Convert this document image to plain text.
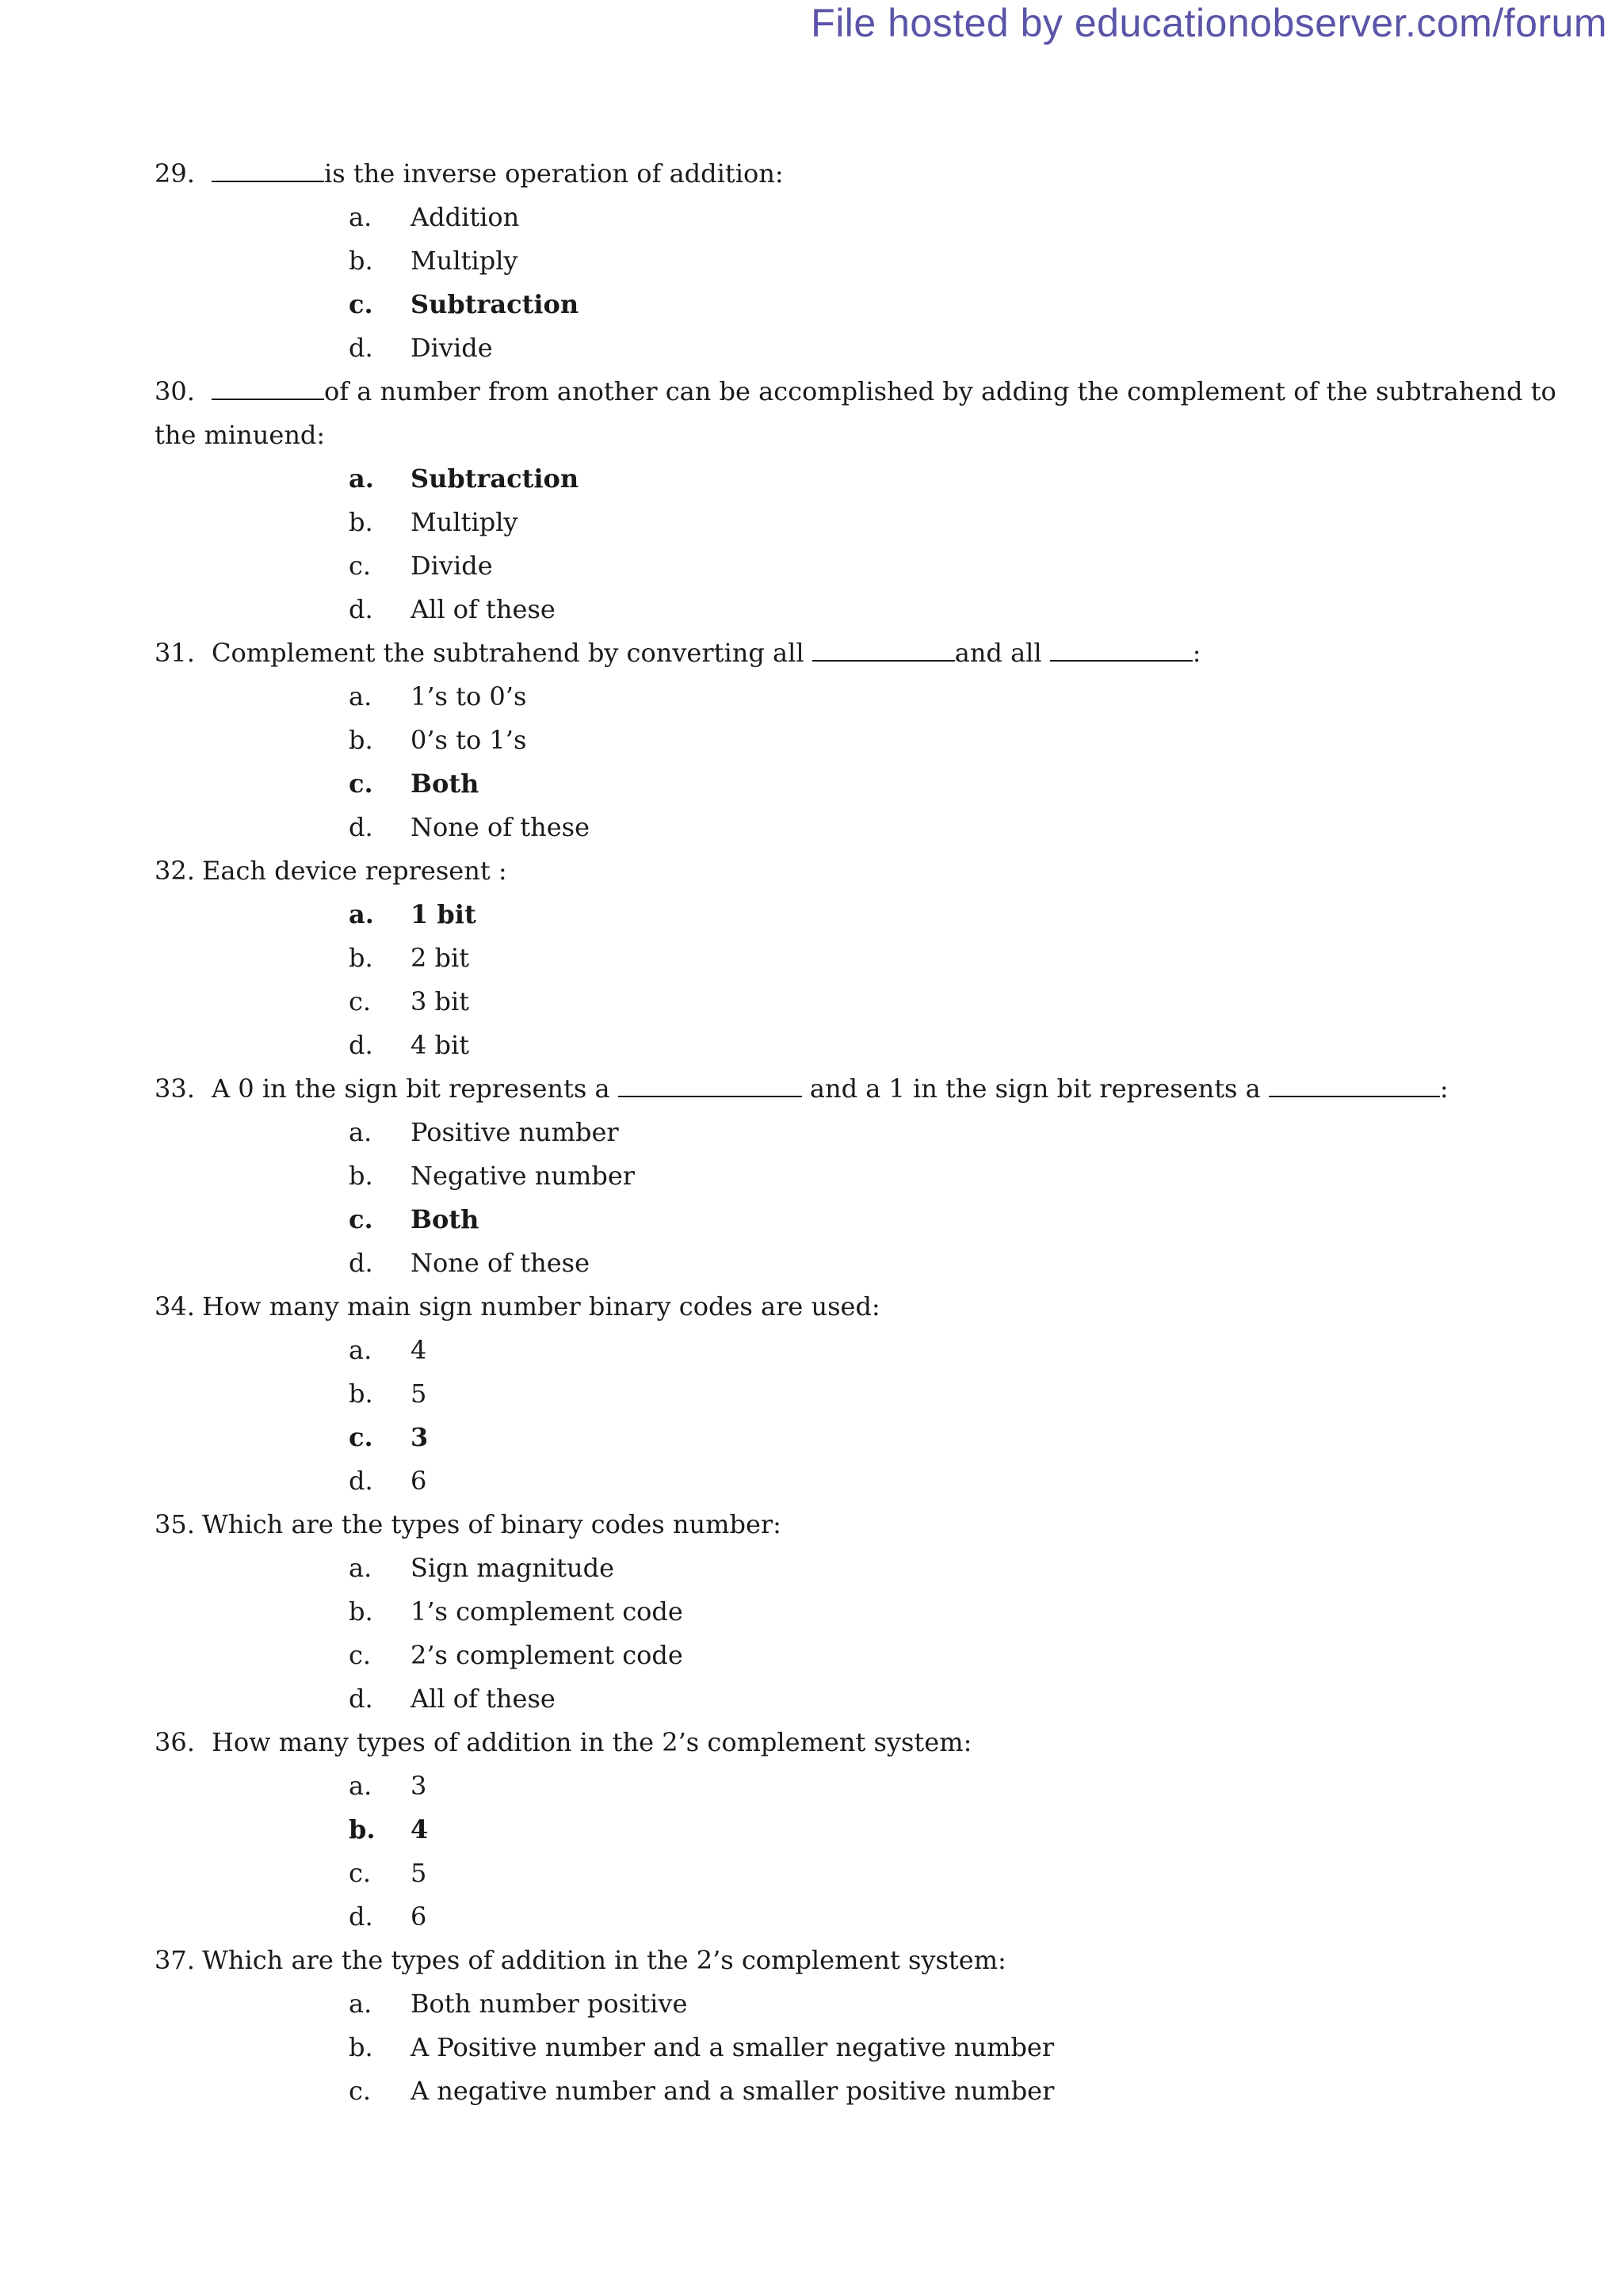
File hosted by educationobserver.com/forum
29.	is the inverse operation of addition:
a. Addition
b. Multiply
c. Subtraction
d. Divide
30.	of a number from another can be accomplished by adding the complement of the subtrahend to
the minuend:
a. Subtraction
b. Multiply
c. Divide
d. All of these
31. Complement the subtrahend by converting all	and all	:
a. 1’s to 0’s
b. 0’s to 1’s
c. Both
d. None of these
32. Each device represent :
a. 1 bit
b. 2 bit
c. 3 bit
d. 4 bit
33. A 0 in the sign bit represents a	and a 1 in the sign bit represents a	:
a. Positive number
b. Negative number
c. Both
d. None of these
34. How many main sign number binary codes are used:
a. 4
b. 5
c. 3
d. 6
35. Which are the types of binary codes number:
a. Sign magnitude
b. 1’s complement code
c. 2’s complement code
d. All of these
36. How many types of addition in the 2’s complement system:
a. 3
b. 4
c. 5
d. 6
37. Which are the types of addition in the 2’s complement system:
a. Both number positive
b. A Positive number and a smaller negative number
c. A negative number and a smaller positive number
